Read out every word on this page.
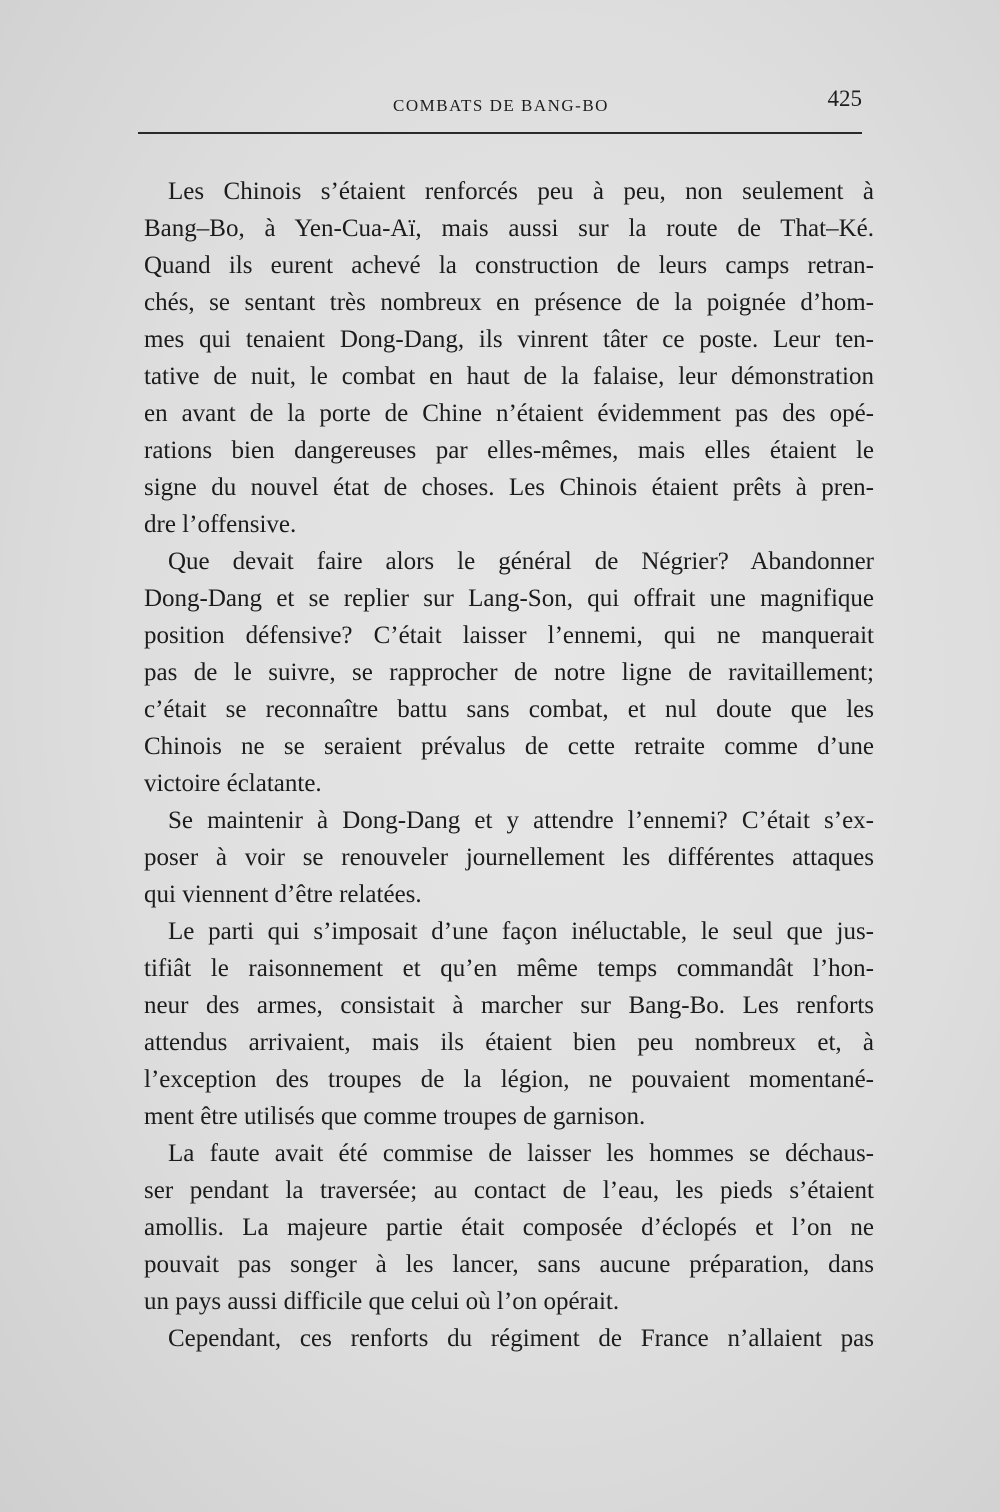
COMBATS DE BANG-BO	425
Les Chinois s’étaient renforcés peu à peu, non seulement à
Bang–Bo, à Yen-Cua-Aï, mais aussi sur la route de That–Ké.
Quand ils eurent achevé la construction de leurs camps retran-
chés, se sentant très nombreux en présence de la poignée d’hom-
mes qui tenaient Dong-Dang, ils vinrent tâter ce poste. Leur ten-
tative de nuit, le combat en haut de la falaise, leur démonstration
en avant de la porte de Chine n’étaient évidemment pas des opé-
rations bien dangereuses par elles-mêmes, mais elles étaient le
signe du nouvel état de choses. Les Chinois étaient prêts à pren-
dre l’offensive.
Que devait faire alors le général de Négrier? Abandonner
Dong-Dang et se replier sur Lang-Son, qui offrait une magnifique
position défensive? C’était laisser l’ennemi, qui ne manquerait
pas de le suivre, se rapprocher de notre ligne de ravitaillement;
c’était se reconnaître battu sans combat, et nul doute que les
Chinois ne se seraient prévalus de cette retraite comme d’une
victoire éclatante.
Se maintenir à Dong-Dang et y attendre l’ennemi? C’était s’ex-
poser à voir se renouveler journellement les différentes attaques
qui viennent d’être relatées.
Le parti qui s’imposait d’une façon inéluctable, le seul que jus-
tifiât le raisonnement et qu’en même temps commandât l’hon-
neur des armes, consistait à marcher sur Bang-Bo. Les renforts
attendus arrivaient, mais ils étaient bien peu nombreux et, à
l’exception des troupes de la légion, ne pouvaient momentané-
ment être utilisés que comme troupes de garnison.
La faute avait été commise de laisser les hommes se déchaus-
ser pendant la traversée; au contact de l’eau, les pieds s’étaient
amollis. La majeure partie était composée d’éclopés et l’on ne
pouvait pas songer à les lancer, sans aucune préparation, dans
un pays aussi difficile que celui où l’on opérait.
Cependant, ces renforts du régiment de France n’allaient pas
